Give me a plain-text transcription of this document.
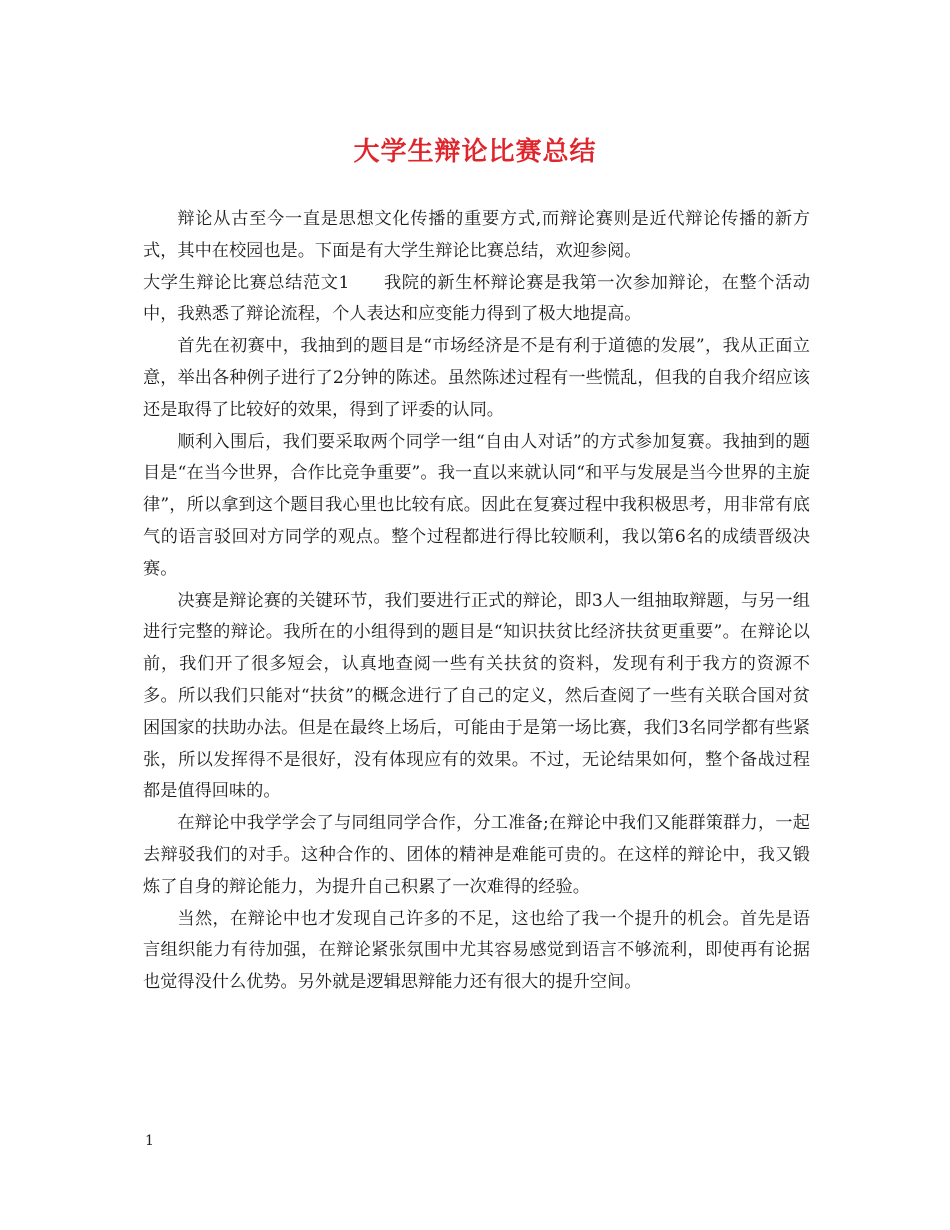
大学生辩论比赛总结

辩论从古至今一直是思想文化传播的重要方式,而辩论赛则是近代辩论传播的新方式，其中在校园也是。下面是有大学生辩论比赛总结，欢迎参阅。

大学生辩论比赛总结范文1 我院的新生杯辩论赛是我第一次参加辩论，在整个活动中，我熟悉了辩论流程，个人表达和应变能力得到了极大地提高。

首先在初赛中，我抽到的题目是“市场经济是不是有利于道德的发展”，我从正面立意，举出各种例子进行了2分钟的陈述。虽然陈述过程有一些慌乱，但我的自我介绍应该还是取得了比较好的效果，得到了评委的认同。

顺利入围后，我们要采取两个同学一组“自由人对话”的方式参加复赛。我抽到的题目是“在当今世界，合作比竞争重要”。我一直以来就认同“和平与发展是当今世界的主旋律”，所以拿到这个题目我心里也比较有底。因此在复赛过程中我积极思考，用非常有底气的语言驳回对方同学的观点。整个过程都进行得比较顺利，我以第6名的成绩晋级决赛。

决赛是辩论赛的关键环节，我们要进行正式的辩论，即3人一组抽取辩题，与另一组进行完整的辩论。我所在的小组得到的题目是“知识扶贫比经济扶贫更重要”。在辩论以前，我们开了很多短会，认真地查阅一些有关扶贫的资料，发现有利于我方的资源不多。所以我们只能对“扶贫”的概念进行了自己的定义，然后查阅了一些有关联合国对贫困国家的扶助办法。但是在最终上场后，可能由于是第一场比赛，我们3名同学都有些紧张，所以发挥得不是很好，没有体现应有的效果。不过，无论结果如何，整个备战过程都是值得回味的。

在辩论中我学学会了与同组同学合作，分工准备;在辩论中我们又能群策群力，一起去辩驳我们的对手。这种合作的、团体的精神是难能可贵的。在这样的辩论中，我又锻炼了自身的辩论能力，为提升自己积累了一次难得的经验。

当然，在辩论中也才发现自己许多的不足，这也给了我一个提升的机会。首先是语言组织能力有待加强，在辩论紧张氛围中尤其容易感觉到语言不够流利，即使再有论据也觉得没什么优势。另外就是逻辑思辩能力还有很大的提升空间。

1
